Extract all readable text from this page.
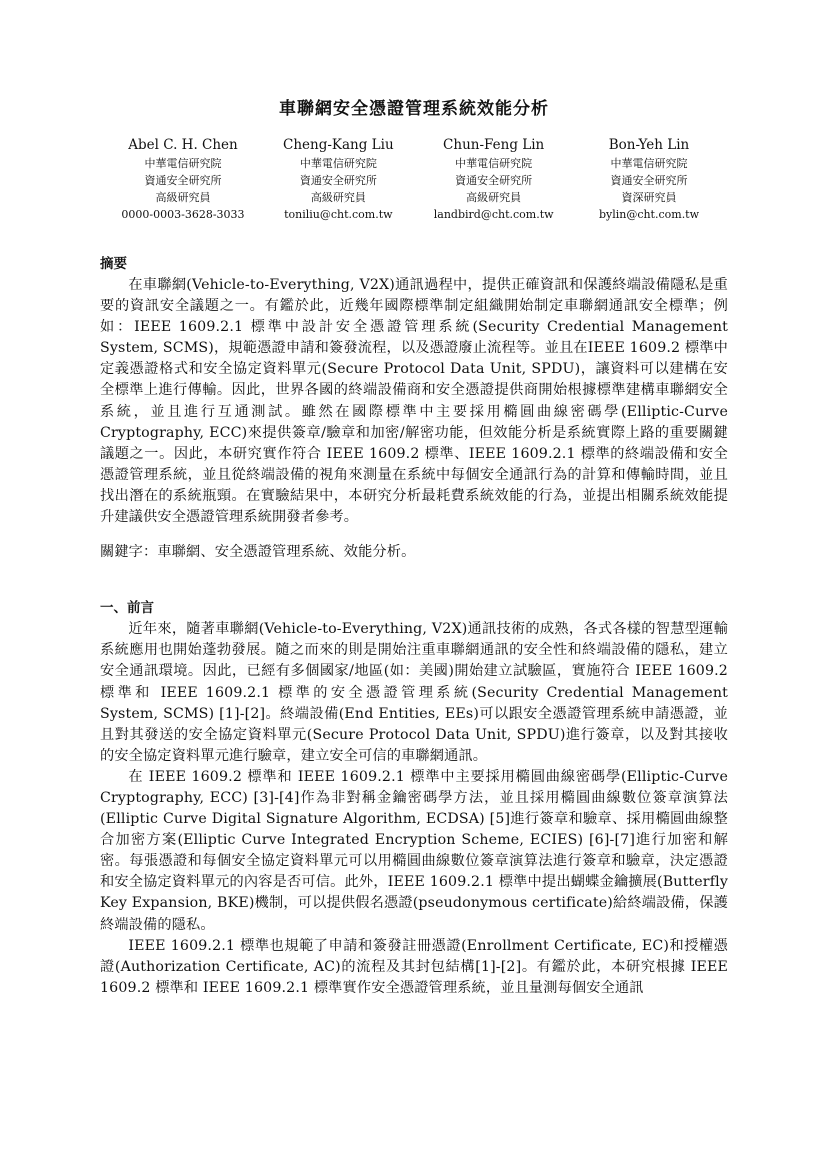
車聯網安全憑證管理系統效能分析
Abel C. H. Chen
中華電信研究院
資通安全研究所
高級研究員
0000-0003-3628-3033
Cheng-Kang Liu
中華電信研究院
資通安全研究所
高級研究員
toniliu@cht.com.tw
Chun-Feng Lin
中華電信研究院
資通安全研究所
高級研究員
landbird@cht.com.tw
Bon-Yeh Lin
中華電信研究院
資通安全研究所
資深研究員
bylin@cht.com.tw
摘要

在車聯網(Vehicle-to-Everything, V2X)通訊過程中，提供正確資訊和保護終端設備隱私是重要的資訊安全議題之一。有鑑於此，近幾年國際標準制定組織開始制定車聯網通訊安全標準；例如：IEEE 1609.2.1 標準中設計安全憑證管理系統(Security Credential Management System, SCMS)，規範憑證申請和簽發流程，以及憑證廢止流程等。並且在IEEE 1609.2 標準中定義憑證格式和安全協定資料單元(Secure Protocol Data Unit, SPDU)，讓資料可以建構在安全標準上進行傳輸。因此，世界各國的終端設備商和安全憑證提供商開始根據標準建構車聯網安全系統，並且進行互通測試。雖然在國際標準中主要採用橢圓曲線密碼學(Elliptic-Curve Cryptography, ECC)來提供簽章/驗章和加密/解密功能，但效能分析是系統實際上路的重要關鍵議題之一。因此，本研究實作符合 IEEE 1609.2 標準、IEEE 1609.2.1 標準的終端設備和安全憑證管理系統，並且從終端設備的視角來測量在系統中每個安全通訊行為的計算和傳輸時間，並且找出潛在的系統瓶頸。在實驗結果中，本研究分析最耗費系統效能的行為，並提出相關系統效能提升建議供安全憑證管理系統開發者參考。

關鍵字：車聯網、安全憑證管理系統、效能分析。

一、前言

近年來，隨著車聯網(Vehicle-to-Everything, V2X)通訊技術的成熟，各式各樣的智慧型運輸系統應用也開始蓬勃發展。隨之而來的則是開始注重車聯網通訊的安全性和終端設備的隱私，建立安全通訊環境。因此，已經有多個國家/地區(如：美國)開始建立試驗區，實施符合 IEEE 1609.2 標準和 IEEE 1609.2.1 標準的安全憑證管理系統(Security Credential Management System, SCMS) [1]-[2]。終端設備(End Entities, EEs)可以跟安全憑證管理系統申請憑證，並且對其發送的安全協定資料單元(Secure Protocol Data Unit, SPDU)進行簽章，以及對其接收的安全協定資料單元進行驗章，建立安全可信的車聯網通訊。

在 IEEE 1609.2 標準和 IEEE 1609.2.1 標準中主要採用橢圓曲線密碼學(Elliptic-Curve Cryptography, ECC) [3]-[4]作為非對稱金鑰密碼學方法，並且採用橢圓曲線數位簽章演算法(Elliptic Curve Digital Signature Algorithm, ECDSA) [5]進行簽章和驗章、採用橢圓曲線整合加密方案(Elliptic Curve Integrated Encryption Scheme, ECIES) [6]-[7]進行加密和解密。每張憑證和每個安全協定資料單元可以用橢圓曲線數位簽章演算法進行簽章和驗章，決定憑證和安全協定資料單元的內容是否可信。此外，IEEE 1609.2.1 標準中提出蝴蝶金鑰擴展(Butterfly Key Expansion, BKE)機制，可以提供假名憑證(pseudonymous certificate)給終端設備，保護終端設備的隱私。

IEEE 1609.2.1 標準也規範了申請和簽發註冊憑證(Enrollment Certificate, EC)和授權憑證(Authorization Certificate, AC)的流程及其封包結構[1]-[2]。有鑑於此，本研究根據 IEEE 1609.2 標準和 IEEE 1609.2.1 標準實作安全憑證管理系統，並且量測每個安全通訊
